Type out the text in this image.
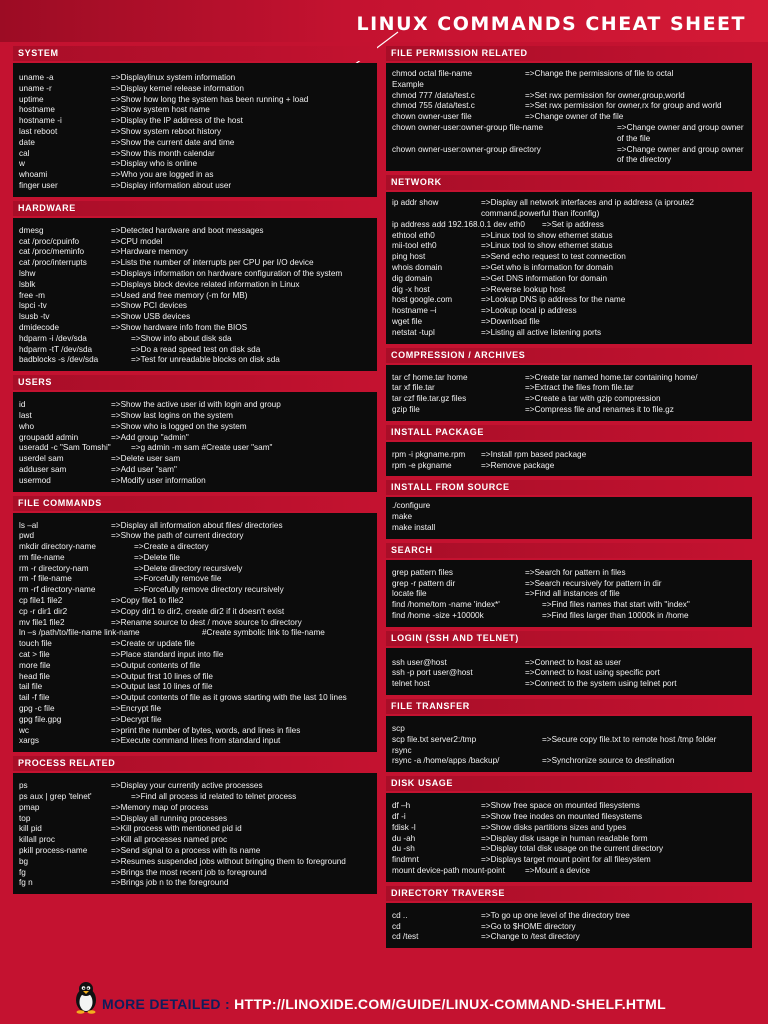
LINUX COMMANDS CHEAT SHEET
SYSTEM
uname -a	=>Displaylinux system information
uname -r	=>Display kernel release information
uptime	=>Show how long the system has been running + load
hostname	=>Show system host name
hostname -i	=>Display the IP address of the host
last reboot	=>Show system reboot history
date	=>Show the current date and time
cal	=>Show this month calendar
w	=>Display who is online
whoami	=>Who you are logged in as
finger user	=>Display information about user
HARDWARE
dmesg	=>Detected hardware and boot messages
cat /proc/cpuinfo	=>CPU model
cat /proc/meminfo	=>Hardware memory
cat /proc/interrupts	=>Lists the number of interrupts per CPU per I/O device
lshw	=>Displays information on hardware configuration of the system
lsblk	=>Displays block device related information in Linux
free -m	=>Used and free memory (-m for MB)
lspci -tv	=>Show PCI devices
lsusb -tv	=>Show USB devices
dmidecode	=>Show hardware info from the BIOS
hdparm -i /dev/sda	=>Show info about disk sda
hdparm -tT /dev/sda	=>Do a read speed test on disk sda
badblocks -s /dev/sda	=>Test for unreadable blocks on disk sda
USERS
id	=>Show the active user id with login and group
last	=>Show last logins on the system
who	=>Show who is logged on the system
groupadd admin	=>Add group "admin"
useradd -c "Sam Tomshi" =>g admin -m sam #Create user "sam"
userdel sam	=>Delete user sam
adduser sam	=>Add user "sam"
usermod	=>Modify user information
FILE COMMANDS
ls –al	=>Display all information about files/ directories
pwd	=>Show the path of current directory
mkdir directory-name	=>Create a directory
rm file-name	=>Delete file
rm -r directory-nam	=>Delete directory recursively
rm -f file-name	=>Forcefully remove file
rm -rf directory-name	=>Forcefully remove directory recursively
cp file1 file2	=>Copy file1 to file2
cp -r dir1 dir2	=>Copy dir1 to dir2, create dir2 if it doesn't exist
mv file1 file2	=>Rename source to dest / move source to directory
ln –s /path/to/file-name link-name	#Create symbolic link to file-name
touch file	=>Create or update file
cat > file	=>Place standard input into file
more file	=>Output contents of file
head file	=>Output first 10 lines of file
tail file	=>Output last 10 lines of file
tail -f file	=>Output contents of file as it grows starting with the last 10 lines
gpg -c file	=>Encrypt file
gpg file.gpg	=>Decrypt file
wc	=>print the number of bytes, words, and lines in files
xargs	=>Execute command lines from standard input
PROCESS RELATED
ps	=>Display your currently active processes
ps aux | grep 'telnet'	=>Find all process id related to telnet process
pmap	=>Memory map of process
top	=>Display all running processes
kill pid	=>Kill process with mentioned pid id
killall proc	=>Kill all processes named proc
pkill process-name	=>Send signal to a process with its name
bg	=>Resumes suspended jobs without bringing them to foreground
fg	=>Brings the most recent job to foreground
fg n	=>Brings job n to the foreground
FILE PERMISSION RELATED
chmod octal file-name	=>Change the permissions of file to octal
Example
chmod 777 /data/test.c	=>Set rwx permission for owner,group,world
chmod 755 /data/test.c	=>Set rwx permission for owner,rx for group and world
chown owner-user file	=>Change owner of the file
chown owner-user:owner-group file-name	=>Change owner and group owner of the file
chown owner-user:owner-group directory	=>Change owner and group owner of the directory
NETWORK
ip addr show	=>Display all network interfaces and ip address (a iproute2 command,powerful than ifconfig)
ip address add 192.168.0.1 dev eth0 =>Set ip address
ethtool eth0	=>Linux tool to show ethernet status
mii-tool eth0	=>Linux tool to show ethernet status
ping host	=>Send echo request to test connection
whois domain	=>Get who is information for domain
dig domain	=>Get DNS information for domain
dig -x host	=>Reverse lookup host
host google.com	=>Lookup DNS ip address for the name
hostname –i	=>Lookup local ip address
wget file	=>Download file
netstat -tupl	=>Listing all active listening ports
COMPRESSION / ARCHIVES
tar cf home.tar home	=>Create tar named home.tar containing home/
tar xf file.tar	=>Extract the files from file.tar
tar czf file.tar.gz files	=>Create a tar with gzip compression
gzip file	=>Compress file and renames it to file.gz
INSTALL PACKAGE
rpm -i pkgname.rpm =>Install rpm based package
rpm -e pkgname	=>Remove package
INSTALL FROM SOURCE
./configure
make
make install
SEARCH
grep pattern files	=>Search for pattern in files
grep -r pattern dir	=>Search recursively for pattern in dir
locate file	=>Find all instances of file
find /home/tom -name 'index*'	=>Find files names that start with "index"
find /home -size +10000k	=>Find files larger than 10000k in /home
LOGIN (SSH AND TELNET)
ssh user@host	=>Connect to host as user
ssh -p port user@host	=>Connect to host using specific port
telnet host	=>Connect to the system using telnet port
FILE TRANSFER
scp
scp file.txt server2:/tmp	=>Secure copy file.txt to remote host /tmp folder
rsync
rsync -a /home/apps /backup/	=>Synchronize source to destination
DISK USAGE
df –h	=>Show free space on mounted filesystems
df -i	=>Show free inodes on mounted filesystems
fdisk -l	=>Show disks partitions sizes and types
du -ah	=>Display disk usage in human readable form
du -sh	=>Display total disk usage on the current directory
findmnt	=>Displays target mount point for all filesystem
mount device-path mount-point =>Mount a device
DIRECTORY TRAVERSE
cd ..	=>To go up one level of the directory tree
cd	=>Go to $HOME directory
cd /test	=>Change to /test directory
MORE DETAILED : HTTP://LINOXIDE.COM/GUIDE/LINUX-COMMAND-SHELF.HTML
